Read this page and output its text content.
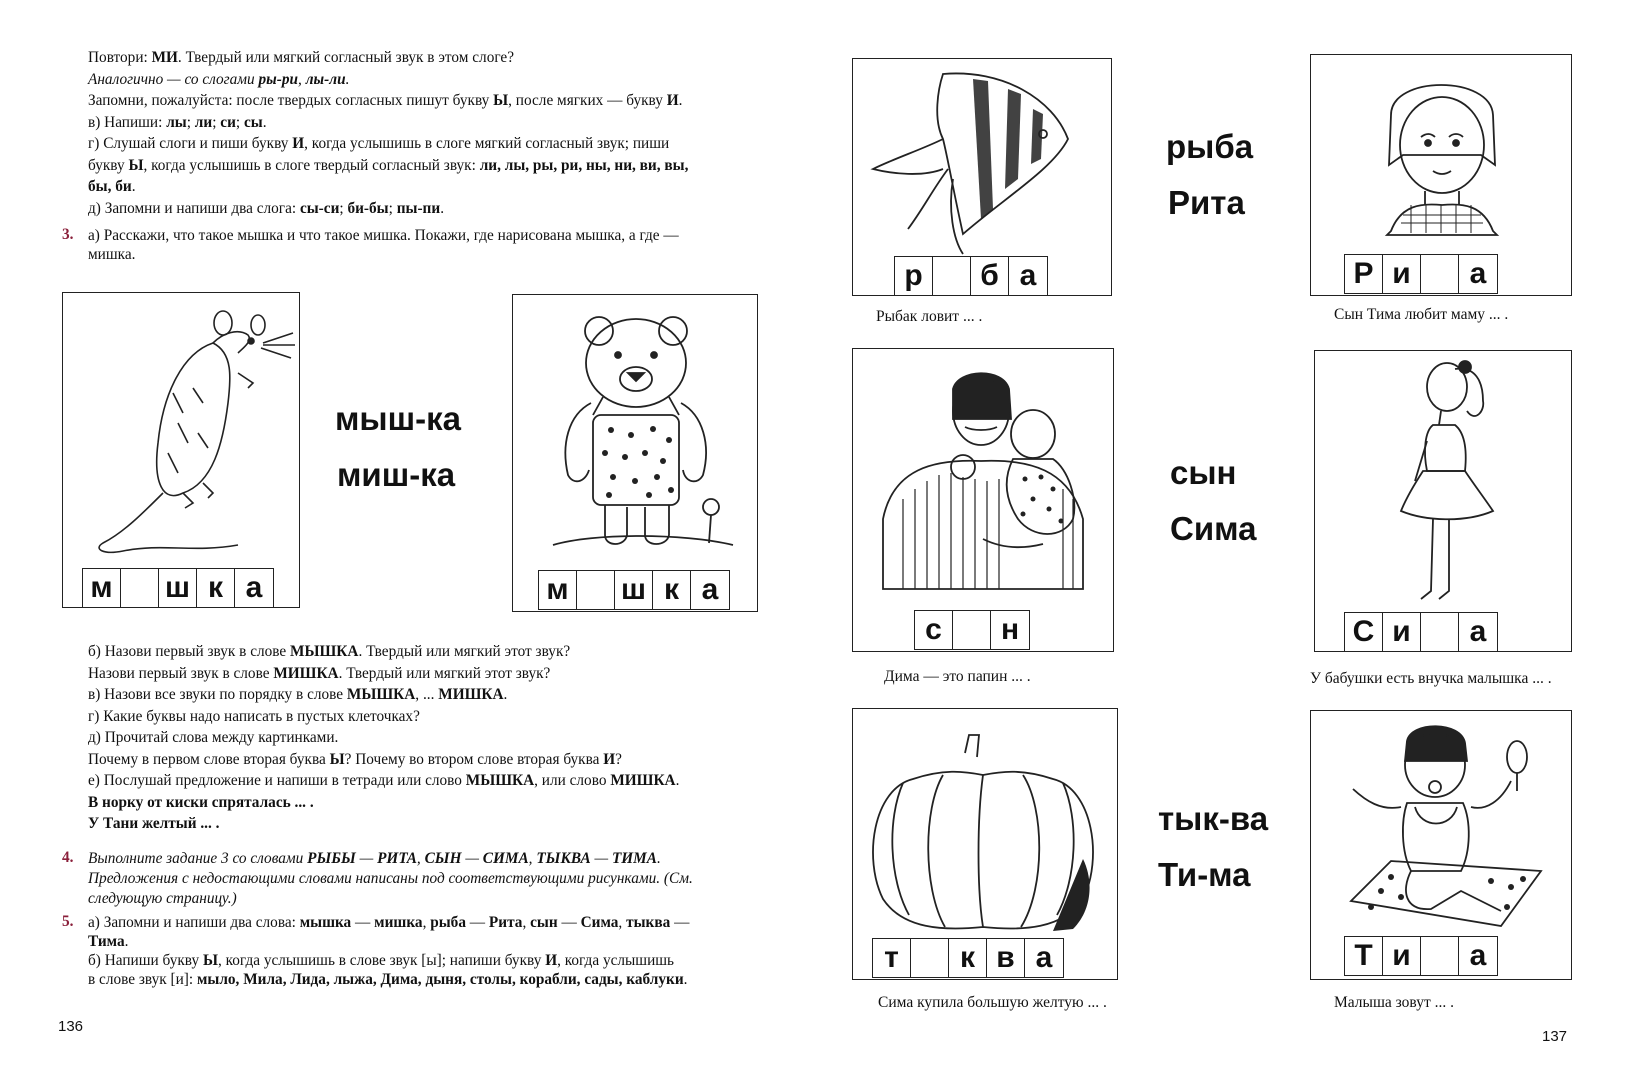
Повтори: МИ. Твердый или мягкий согласный звук в этом слоге?
Аналогично — со слогами ры-ри, лы-ли.
Запомни, пожалуйста: после твердых согласных пишут букву Ы, после мягких — букву И.
в) Напиши: лы; ли; си; сы.
г) Слушай слоги и пиши букву И, когда услышишь в слоге мягкий согласный звук; пиши
букву Ы, когда услышишь в слоге твердый согласный звук: ли, лы, ры, ри, ны, ни, ви, вы,
бы, би.
д) Запомни и напиши два слога: сы-си; би-бы; пы-пи.
3. а) Расскажи, что такое мышка и что такое мишка. Покажи, где нарисована мышка, а где —
мишка.
м ш к а
мыш-ка
миш-ка
м ш к а
б) Назови первый звук в слове МЫШКА. Твердый или мягкий этот звук?
Назови первый звук в слове МИШКА. Твердый или мягкий этот звук?
в) Назови все звуки по порядку в слове МЫШКА, ... МИШКА.
г) Какие буквы надо написать в пустых клеточках?
д) Прочитай слова между картинками.
Почему в первом слове вторая буква Ы? Почему во втором слове вторая буква И?
е) Послушай предложение и напиши в тетради или слово МЫШКА, или слово МИШКА.
В норку от киски спряталась ... .
У Тани желтый ... .
4. Выполните задание 3 со словами РЫБЫ — РИТА, СЫН — СИМА, ТЫКВА — ТИМА.
Предложения с недостающими словами написаны под соответствующими рисунками. (См.
следующую страницу.)
5. а) Запомни и напиши два слова: мышка — мишка, рыба — Рита, сын — Сима, тыква —
Тима.
б) Напиши букву Ы, когда услышишь в слове звук [ы]; напиши букву И, когда услышишь
в слове звук [и]: мыло, Мила, Лида, лыжа, Дима, дыня, столы, корабли, сады, каблуки.
136
р	б а
Рыбак ловит ... .
рыба
Рита
Р и	а
Сын Тима любит маму ... .
с	н
Дима — это папин ... .
сын
Сима
С и	а
У бабушки есть внучка малышка ... .
т	к в а
Сима купила большую желтую ... .
тык-ва
Ти-ма
Т и	а
Малыша зовут ... .
137
